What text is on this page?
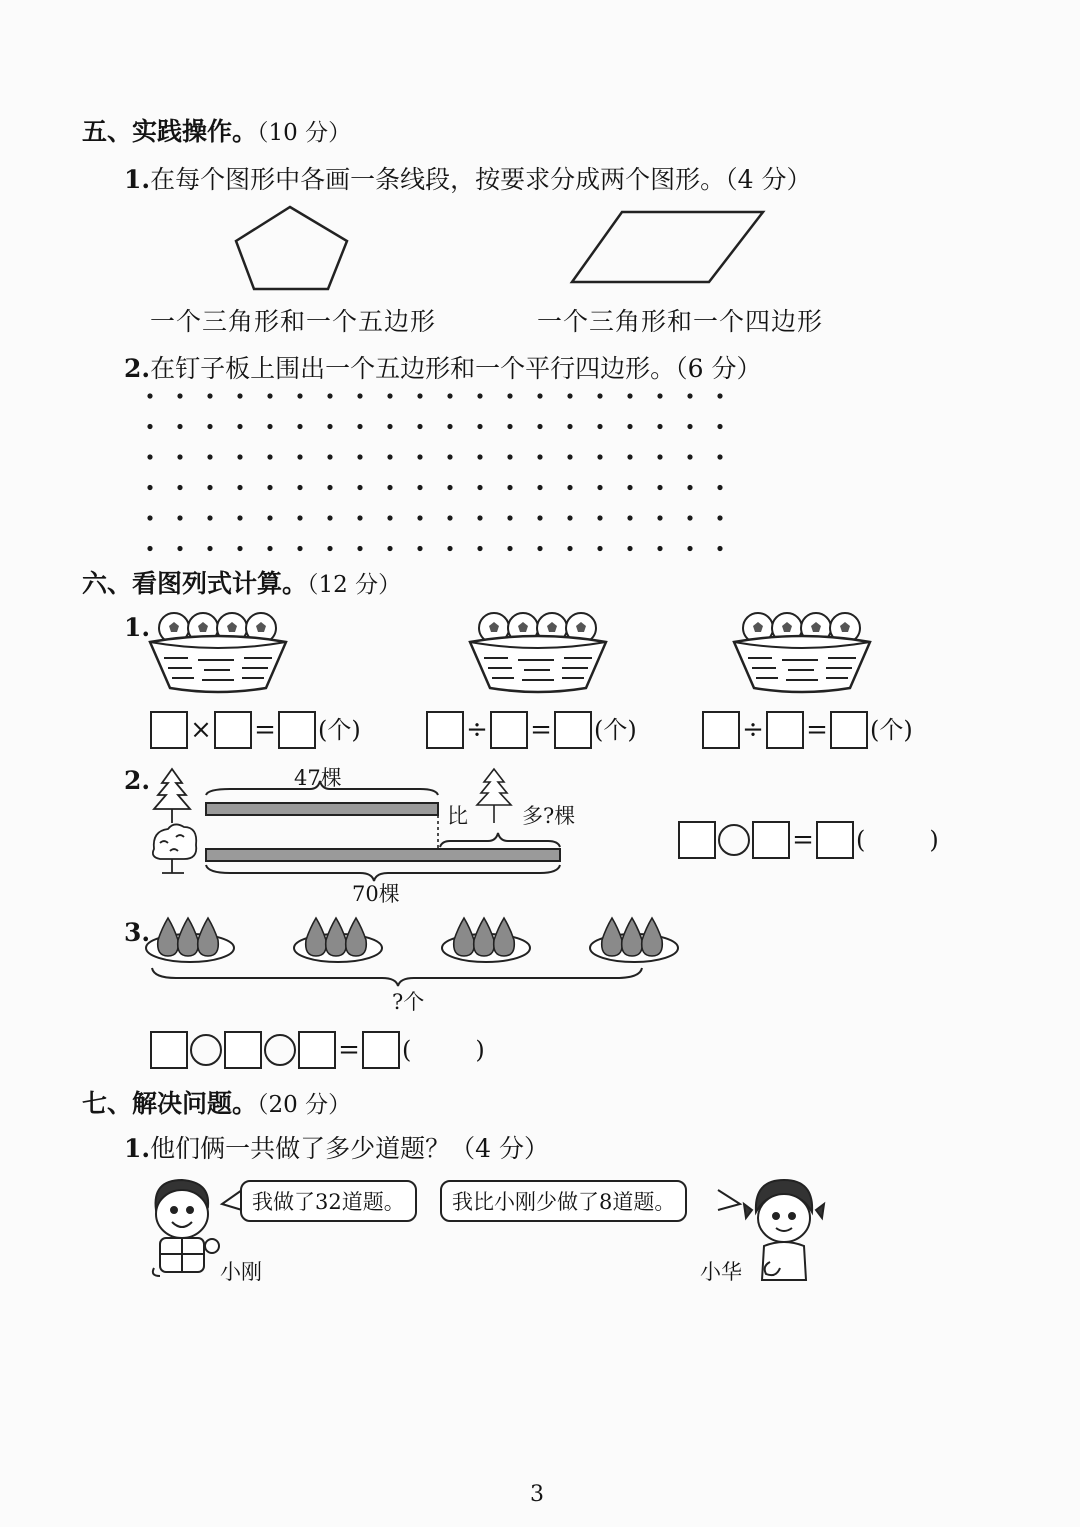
五、实践操作。（10 分）
1.在每个图形中各画一条线段，按要求分成两个图形。（4 分）
一个三角形和一个五边形	一个三角形和一个四边形
2.在钉子板上围出一个五边形和一个平行四边形。（6 分）
六、看图列式计算。（12 分）
1.
× = (个)	÷ = (个)	÷ = (个)
2.	47棵
70棵
比	多?棵
= (	)
3.
?个
= (	)
七、解决问题。（20 分）
1.他们俩一共做了多少道题？（4 分）
小刚
我做了32道题。	我比小刚少做了8道题。
小华
3
